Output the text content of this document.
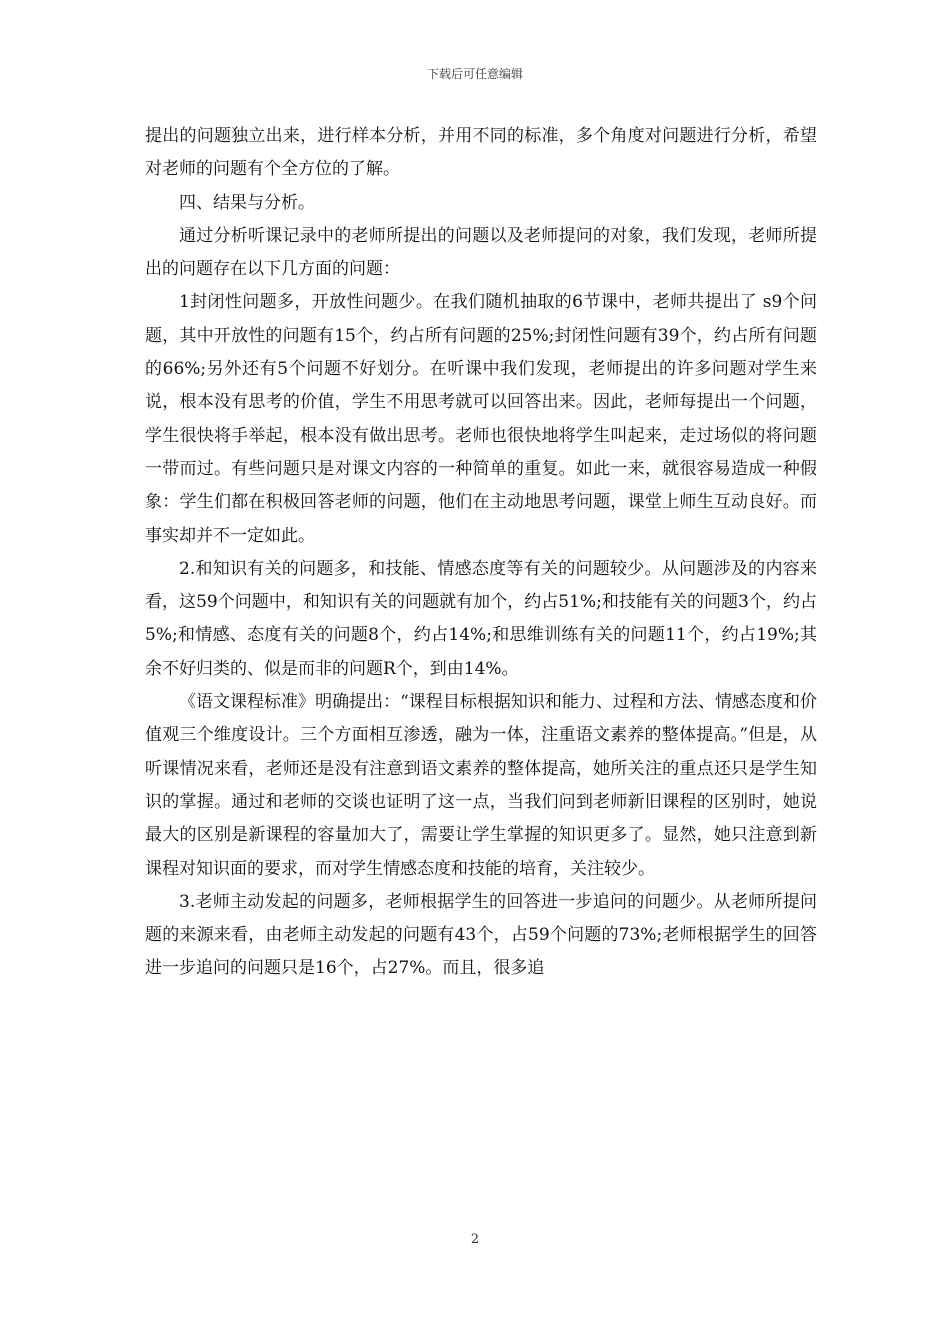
下载后可任意编辑

提出的问题独立出来，进行样本分析，并用不同的标准，多个角度对问题进行分析，希望对老师的问题有个全方位的了解。

四、结果与分析。

通过分析听课记录中的老师所提出的问题以及老师提问的对象，我们发现，老师所提出的问题存在以下几方面的问题：

1封闭性问题多，开放性问题少。在我们随机抽取的6节课中，老师共提出了 s9个问题，其中开放性的问题有15个，约占所有问题的25%;封闭性问题有39个，约占所有问题的66%;另外还有5个问题不好划分。在听课中我们发现，老师提出的许多问题对学生来说，根本没有思考的价值，学生不用思考就可以回答出来。因此，老师每提出一个问题，学生很快将手举起，根本没有做出思考。老师也很快地将学生叫起来，走过场似的将问题一带而过。有些问题只是对课文内容的一种简单的重复。如此一来，就很容易造成一种假象：学生们都在积极回答老师的问题，他们在主动地思考问题，课堂上师生互动良好。而事实却并不一定如此。

2.和知识有关的问题多，和技能、情感态度等有关的问题较少。从问题涉及的内容来看，这59个问题中，和知识有关的问题就有加个，约占51%;和技能有关的问题3个，约占5%;和情感、态度有关的问题8个，约占14%;和思维训练有关的问题11个，约占19%;其余不好归类的、似是而非的问题R个，到由14%。

《语文课程标准》明确提出：“课程目标根据知识和能力、过程和方法、情感态度和价值观三个维度设计。三个方面相互渗透，融为一体，注重语文素养的整体提高。”但是，从听课情况来看，老师还是没有注意到语文素养的整体提高，她所关注的重点还只是学生知识的掌握。通过和老师的交谈也证明了这一点，当我们问到老师新旧课程的区别时，她说最大的区别是新课程的容量加大了，需要让学生掌握的知识更多了。显然，她只注意到新课程对知识面的要求，而对学生情感态度和技能的培育，关注较少。

3.老师主动发起的问题多，老师根据学生的回答进一步追问的问题少。从老师所提问题的来源来看，由老师主动发起的问题有43个，占59个问题的73%;老师根据学生的回答进一步追问的问题只是16个，占27%。而且，很多追

2
